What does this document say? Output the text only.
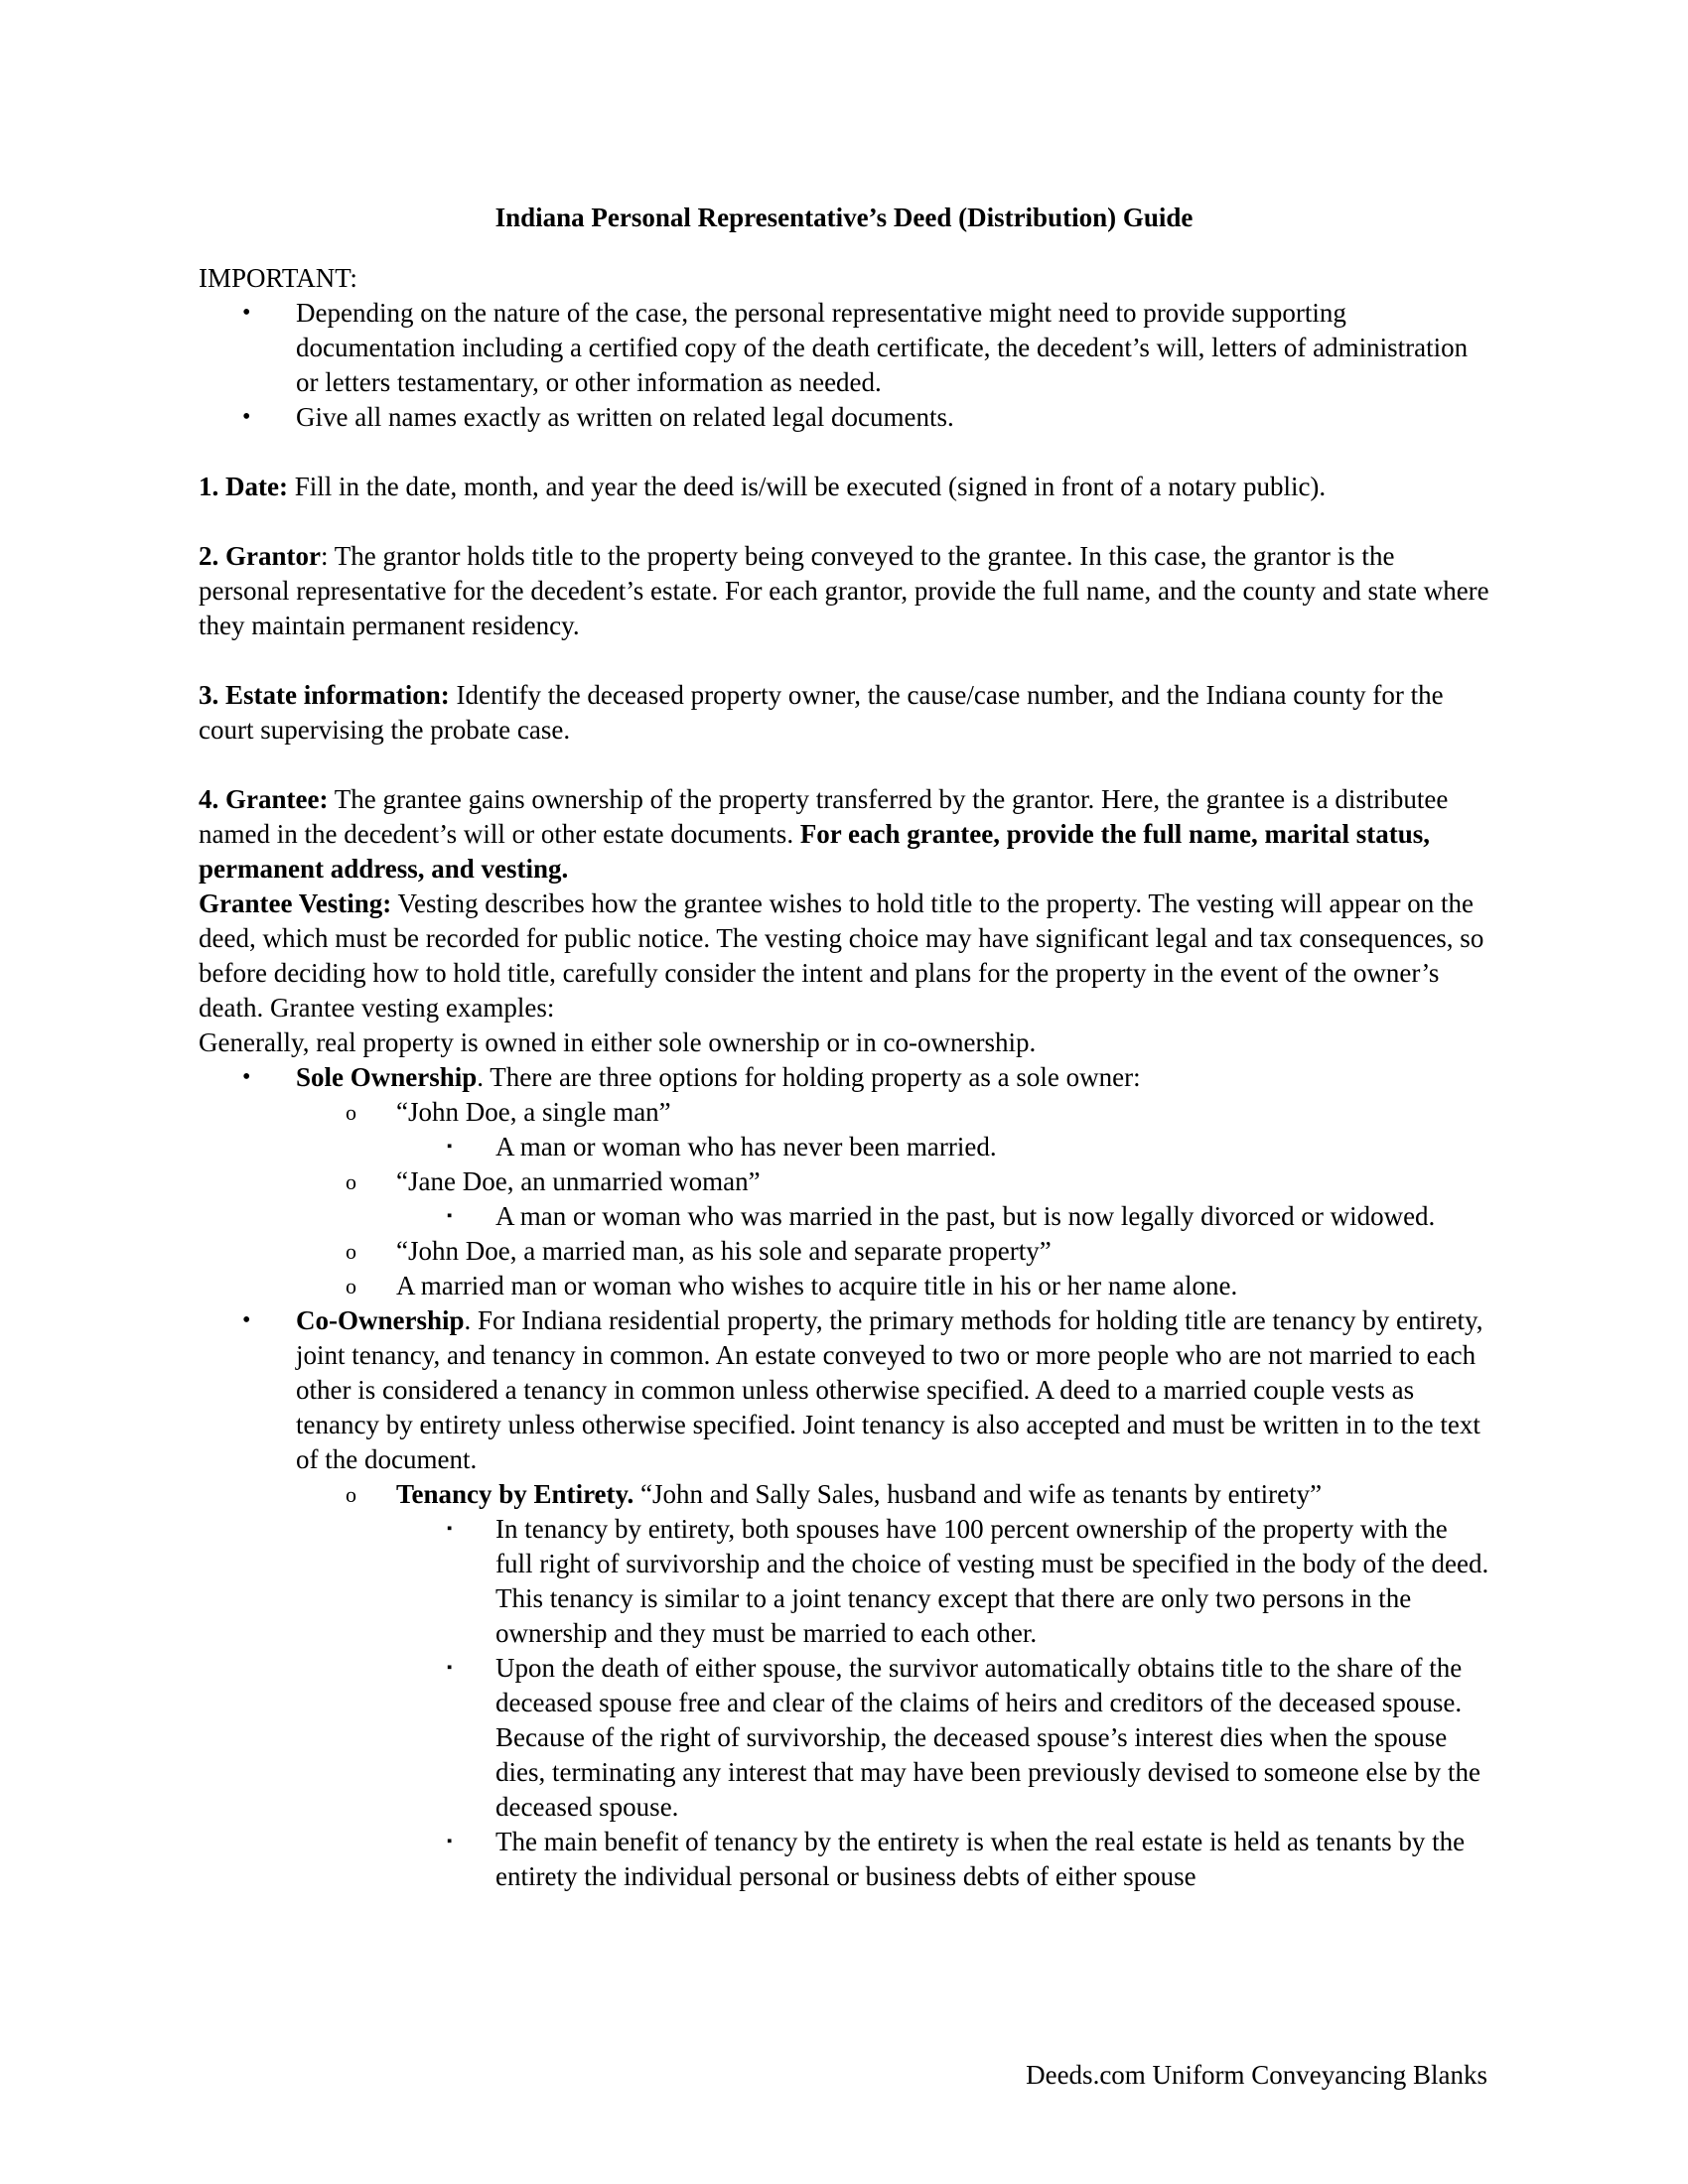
Indiana Personal Representative’s Deed (Distribution) Guide

IMPORTANT:

• Depending on the nature of the case, the personal representative might need to provide supporting documentation including a certified copy of the death certificate, the decedent’s will, letters of administration or letters testamentary, or other information as needed.
• Give all names exactly as written on related legal documents.

1. Date: Fill in the date, month, and year the deed is/will be executed (signed in front of a notary public).

2. Grantor: The grantor holds title to the property being conveyed to the grantee. In this case, the grantor is the personal representative for the decedent’s estate. For each grantor, provide the full name, and the county and state where they maintain permanent residency.

3. Estate information: Identify the deceased property owner, the cause/case number, and the Indiana county for the court supervising the probate case.

4. Grantee: The grantee gains ownership of the property transferred by the grantor. Here, the grantee is a distributee named in the decedent’s will or other estate documents. For each grantee, provide the full name, marital status, permanent address, and vesting.

Grantee Vesting: Vesting describes how the grantee wishes to hold title to the property. The vesting will appear on the deed, which must be recorded for public notice. The vesting choice may have significant legal and tax consequences, so before deciding how to hold title, carefully consider the intent and plans for the property in the event of the owner’s death. Grantee vesting examples:

Generally, real property is owned in either sole ownership or in co-ownership.

• Sole Ownership. There are three options for holding property as a sole owner:
o “John Doe, a single man”
▪ A man or woman who has never been married.
o “Jane Doe, an unmarried woman”
▪ A man or woman who was married in the past, but is now legally divorced or widowed.
o “John Doe, a married man, as his sole and separate property”
o A married man or woman who wishes to acquire title in his or her name alone.
• Co-Ownership. For Indiana residential property, the primary methods for holding title are tenancy by entirety, joint tenancy, and tenancy in common. An estate conveyed to two or more people who are not married to each other is considered a tenancy in common unless otherwise specified. A deed to a married couple vests as tenancy by entirety unless otherwise specified. Joint tenancy is also accepted and must be written in to the text of the document.
o Tenancy by Entirety. “John and Sally Sales, husband and wife as tenants by entirety”
▪ In tenancy by entirety, both spouses have 100 percent ownership of the property with the full right of survivorship and the choice of vesting must be specified in the body of the deed. This tenancy is similar to a joint tenancy except that there are only two persons in the ownership and they must be married to each other.
▪ Upon the death of either spouse, the survivor automatically obtains title to the share of the deceased spouse free and clear of the claims of heirs and creditors of the deceased spouse. Because of the right of survivorship, the deceased spouse’s interest dies when the spouse dies, terminating any interest that may have been previously devised to someone else by the deceased spouse.
▪ The main benefit of tenancy by the entirety is when the real estate is held as tenants by the entirety the individual personal or business debts of either spouse
Deeds.com Uniform Conveyancing Blanks
